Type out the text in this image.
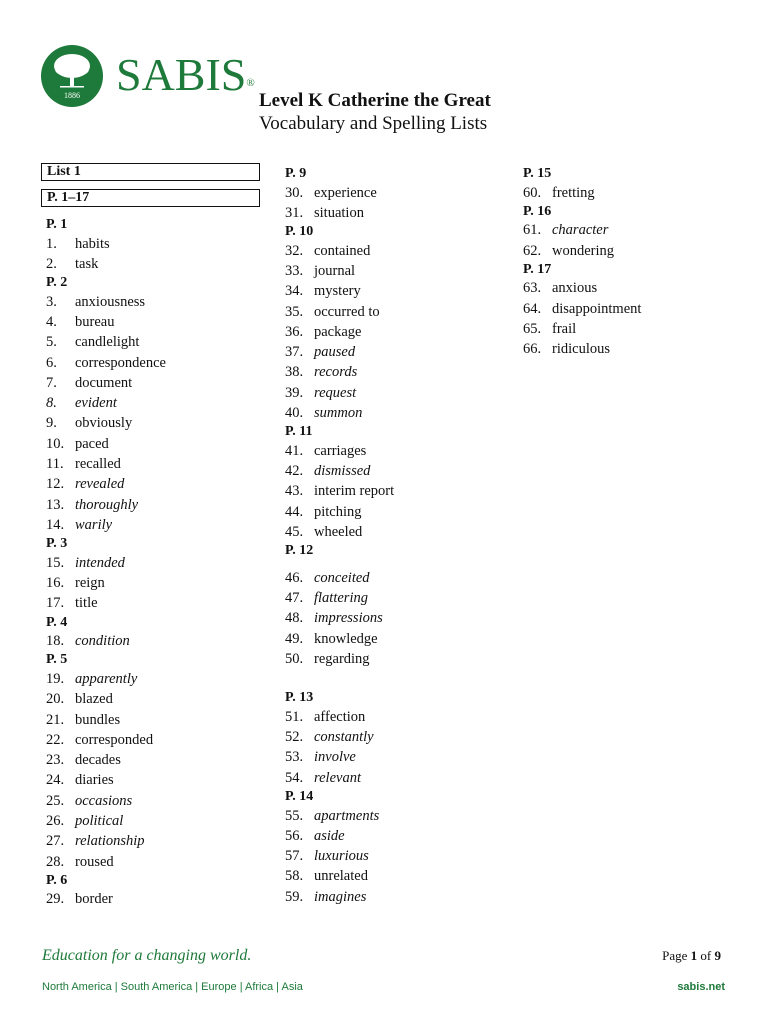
1886 SABIS®
Level K Catherine the Great
Vocabulary and Spelling Lists
List 1
P. 1–17
P. 1
1. habits
2. task
P. 2
3. anxiousness
4. bureau
5. candlelight
6. correspondence
7. document
8. evident
9. obviously
10. paced
11. recalled
12. revealed
13. thoroughly
14. warily
P. 3
15. intended
16. reign
17. title
P. 4
18. condition
P. 5
19. apparently
20. blazed
21. bundles
22. corresponded
23. decades
24. diaries
25. occasions
26. political
27. relationship
28. roused
P. 6
29. border
P. 9
30. experience
31. situation
P. 10
32. contained
33. journal
34. mystery
35. occurred to
36. package
37. paused
38. records
39. request
40. summon
P. 11
41. carriages
42. dismissed
43. interim report
44. pitching
45. wheeled
P. 12
46. conceited
47. flattering
48. impressions
49. knowledge
50. regarding
P. 13
51. affection
52. constantly
53. involve
54. relevant
P. 14
55. apartments
56. aside
57. luxurious
58. unrelated
59. imagines
P. 15
60. fretting
P. 16
61. character
62. wondering
P. 17
63. anxious
64. disappointment
65. frail
66. ridiculous
Education for a changing world.	Page 1 of 9
North America | South America | Europe | Africa | Asia	sabis.net
